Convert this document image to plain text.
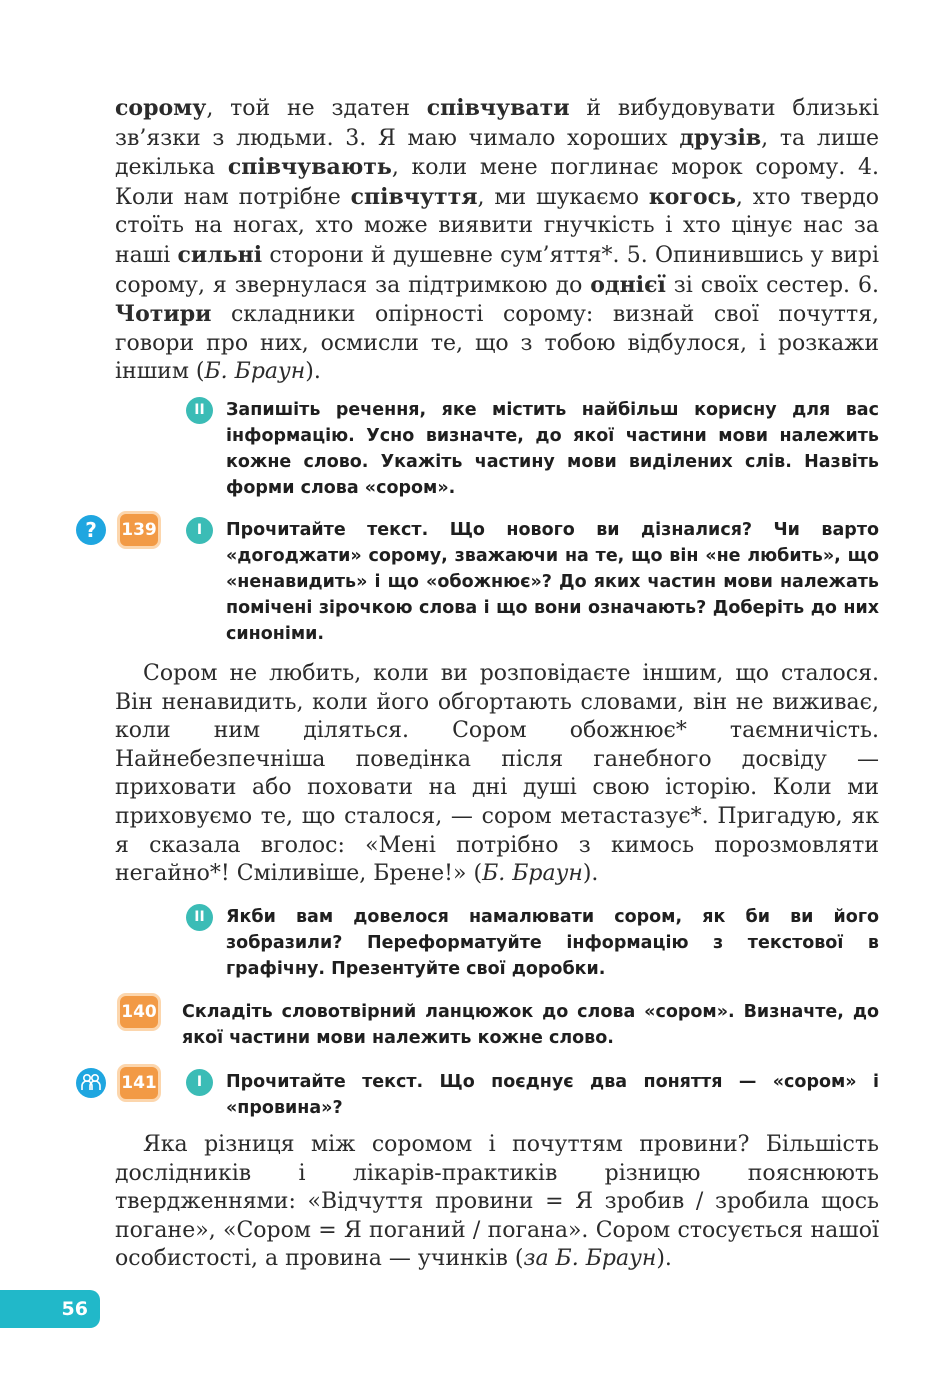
сорому, той не здатен співчувати й вибудовувати близькі зв’язки з людьми. 3. Я маю чимало хороших друзів, та лише декілька співчувають, коли мене поглинає морок сорому. 4. Коли нам потрібне співчуття, ми шукаємо когось, хто твердо стоїть на ногах, хто може виявити гнучкість і хто цінує нас за наші сильні сторони й душевне сум’яття*. 5. Опинившись у вирі сорому, я звернулася за підтримкою до однієї зі своїх сестер. 6. Чотири складники опірності сорому: визнай свої почуття, говори про них, осмисли те, що з тобою відбулося, і розкажи іншим (Б. Браун).

II	Запишіть речення, яке містить найбільш корисну для вас інформацію. Усно визначте, до якої частини мови належить кожне слово. Укажіть частину мови виділених слів. Назвіть форми слова «сором».

?	139	I	Прочитайте текст. Що нового ви дізналися? Чи варто «догоджати» сорому, зважаючи на те, що він «не любить», що «ненавидить» і що «обожнює»? До яких частин мови належать помічені зірочкою слова і що вони означають? Доберіть до них синоніми.

Сором не любить, коли ви розповідаєте іншим, що сталося. Він ненавидить, коли його обгортають словами, він не виживає, коли ним діляться. Сором обожнює* таємничість. Найнебезпечніша поведінка після ганебного досвіду — приховати або поховати на дні душі свою історію. Коли ми приховуємо те, що сталося, — сором метастазує*. Пригадую, як я сказала вголос: «Мені потрібно з кимось порозмовляти негайно*! Сміливіше, Брене!» (Б. Браун).

II	Якби вам довелося намалювати сором, як би ви його зобразили? Переформатуйте інформацію з текстової в графічну. Презентуйте свої доробки.

140 Складіть словотвірний ланцюжок до слова «сором». Визначте, до якої частини мови належить кожне слово.

141	I	Прочитайте текст. Що поєднує два поняття — «сором» і «провина»?

Яка різниця між соромом і почуттям провини? Більшість дослідників і лікарів-практиків різницю пояснюють твердженнями: «Відчуття провини = Я зробив / зробила щось погане», «Сором = Я поганий / погана». Сором стосується нашої особистості, а провина — учинків (за Б. Браун).

56
